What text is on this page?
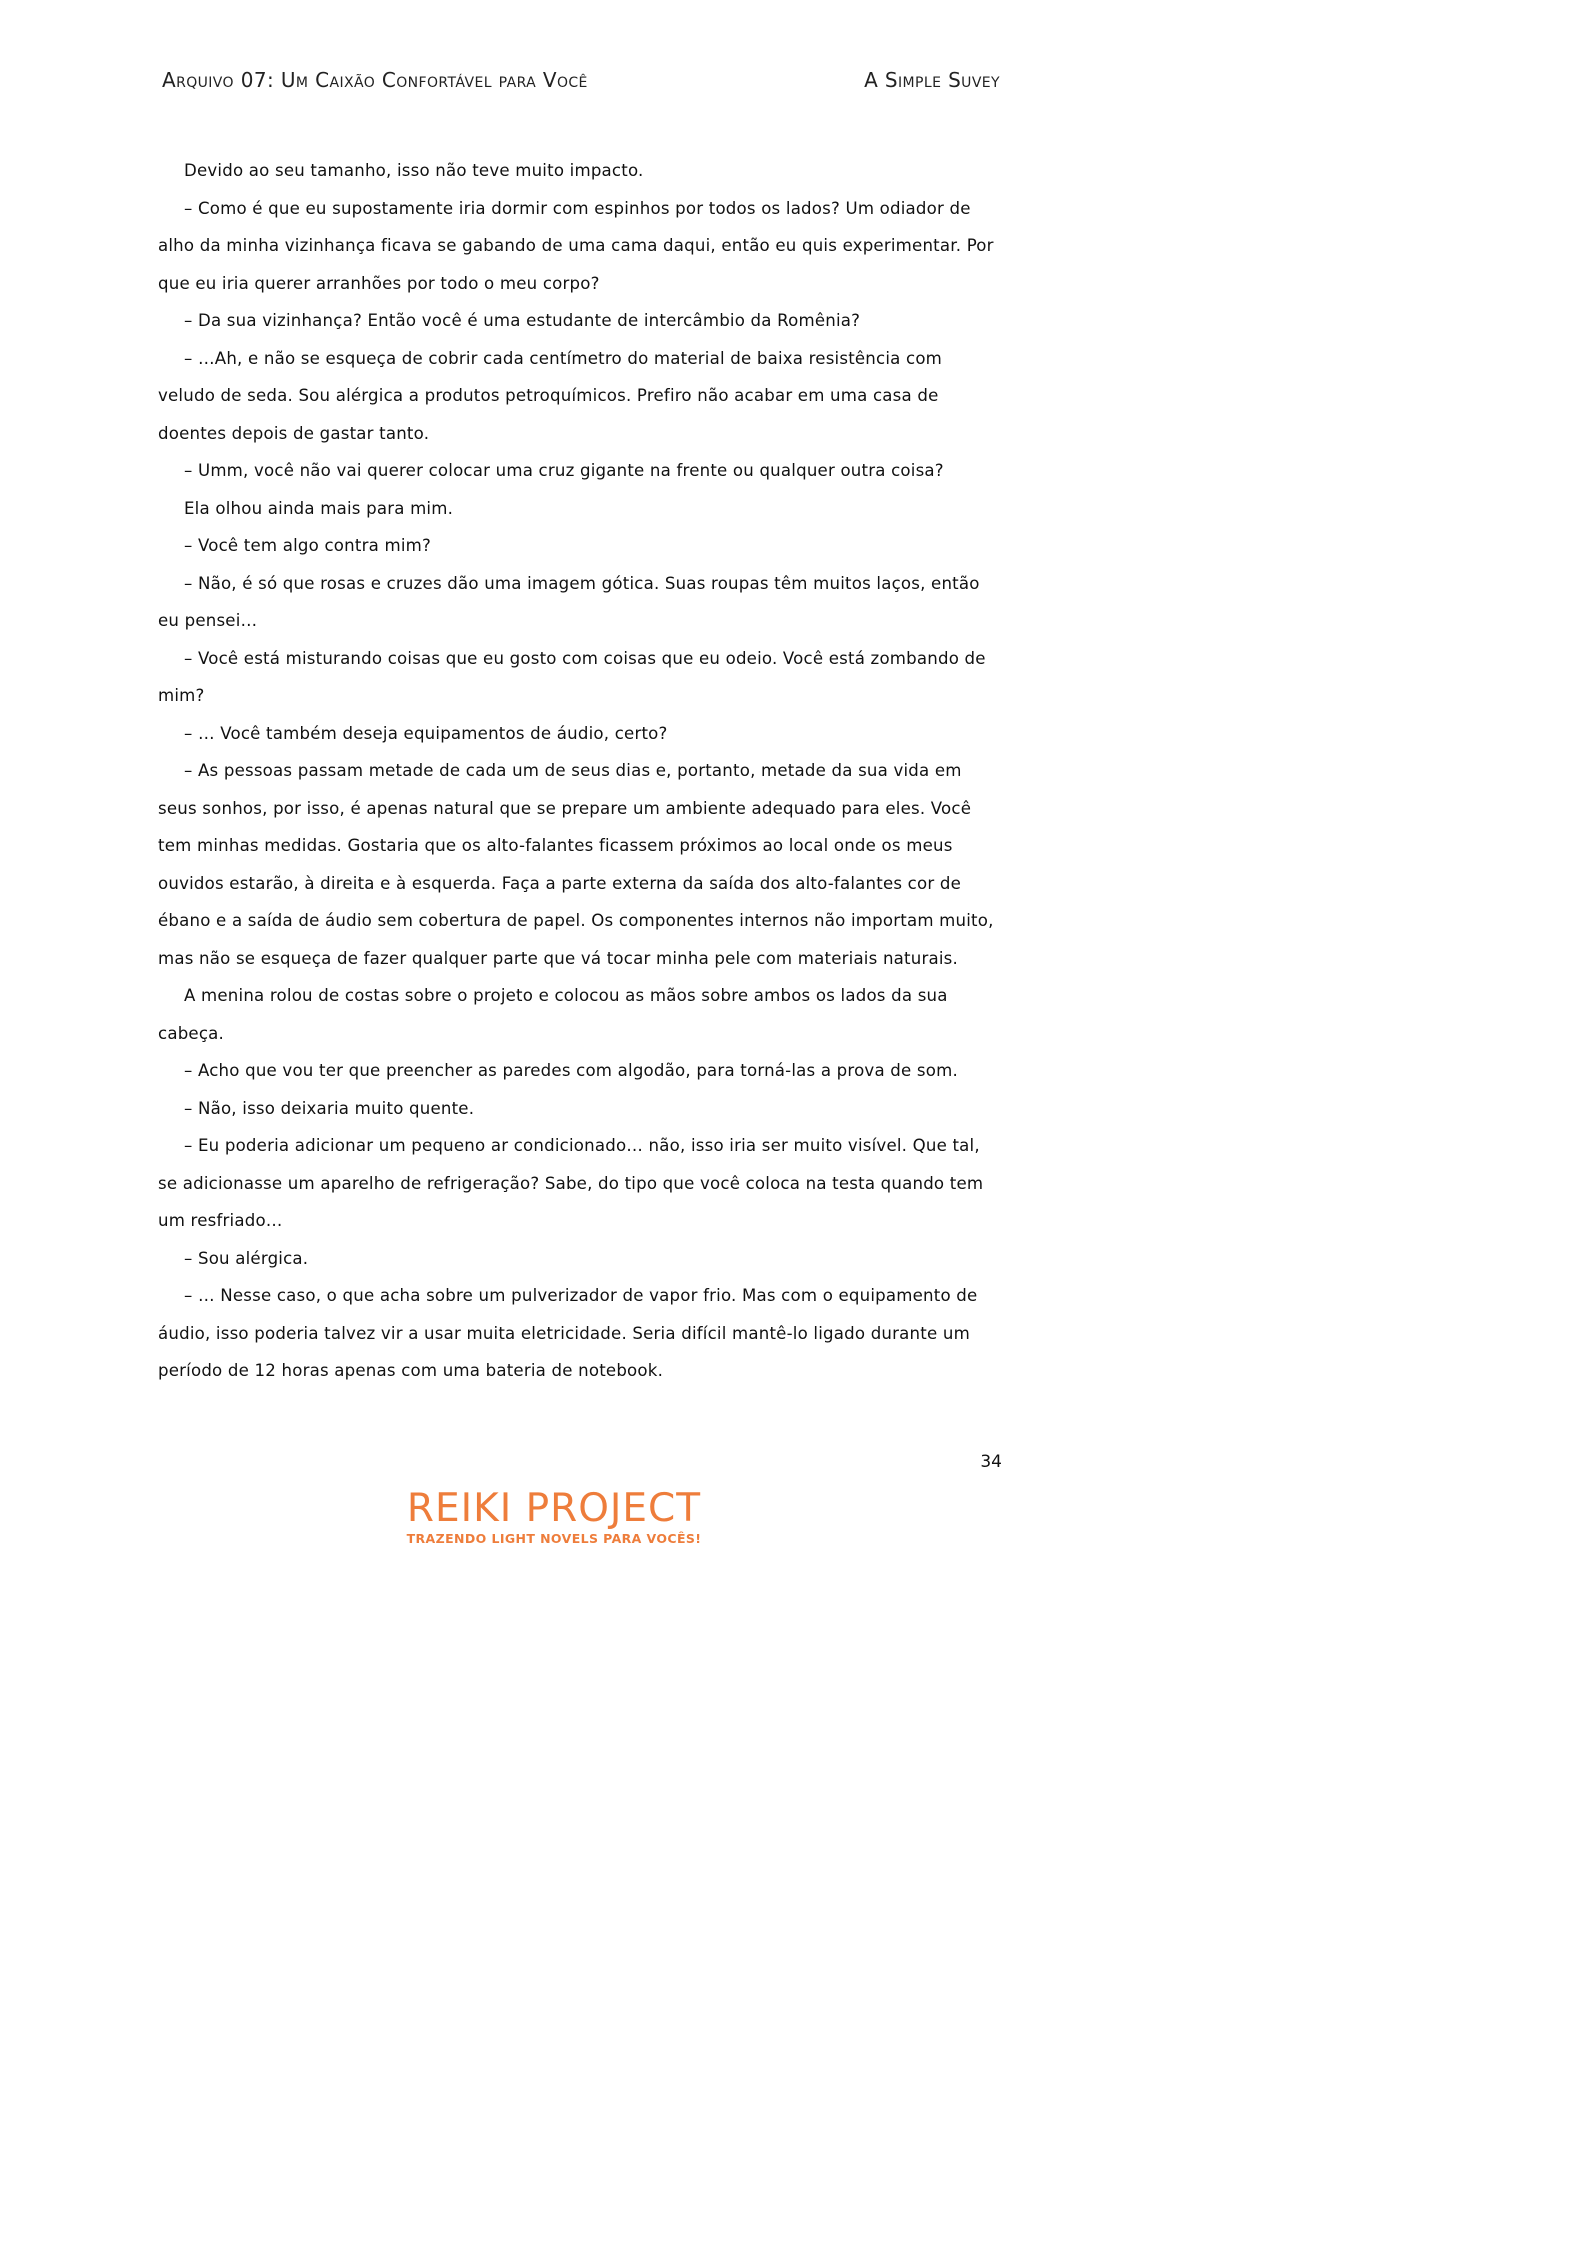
Arquivo 07: Um Caixão Confortável para Você	A Simple Suvey

Devido ao seu tamanho, isso não teve muito impacto.

– Como é que eu supostamente iria dormir com espinhos por todos os lados? Um odiador de alho da minha vizinhança ficava se gabando de uma cama daqui, então eu quis experimentar. Por que eu iria querer arranhões por todo o meu corpo?

– Da sua vizinhança? Então você é uma estudante de intercâmbio da Romênia?

– …Ah, e não se esqueça de cobrir cada centímetro do material de baixa resistência com veludo de seda. Sou alérgica a produtos petroquímicos. Prefiro não acabar em uma casa de doentes depois de gastar tanto.

– Umm, você não vai querer colocar uma cruz gigante na frente ou qualquer outra coisa?

Ela olhou ainda mais para mim.

– Você tem algo contra mim?

– Não, é só que rosas e cruzes dão uma imagem gótica. Suas roupas têm muitos laços, então eu pensei…

– Você está misturando coisas que eu gosto com coisas que eu odeio. Você está zombando de mim?

– … Você também deseja equipamentos de áudio, certo?

– As pessoas passam metade de cada um de seus dias e, portanto, metade da sua vida em seus sonhos, por isso, é apenas natural que se prepare um ambiente adequado para eles. Você tem minhas medidas. Gostaria que os alto-falantes ficassem próximos ao local onde os meus ouvidos estarão, à direita e à esquerda. Faça a parte externa da saída dos alto-falantes cor de ébano e a saída de áudio sem cobertura de papel. Os componentes internos não importam muito, mas não se esqueça de fazer qualquer parte que vá tocar minha pele com materiais naturais.

A menina rolou de costas sobre o projeto e colocou as mãos sobre ambos os lados da sua cabeça.

– Acho que vou ter que preencher as paredes com algodão, para torná-las a prova de som.

– Não, isso deixaria muito quente.

– Eu poderia adicionar um pequeno ar condicionado… não, isso iria ser muito visível. Que tal, se adicionasse um aparelho de refrigeração? Sabe, do tipo que você coloca na testa quando tem um resfriado…

– Sou alérgica.

– … Nesse caso, o que acha sobre um pulverizador de vapor frio. Mas com o equipamento de áudio, isso poderia talvez vir a usar muita eletricidade. Seria difícil mantê-lo ligado durante um período de 12 horas apenas com uma bateria de notebook.

34
REIKI PROJECT
TRAZENDO LIGHT NOVELS PARA VOCÊS!
